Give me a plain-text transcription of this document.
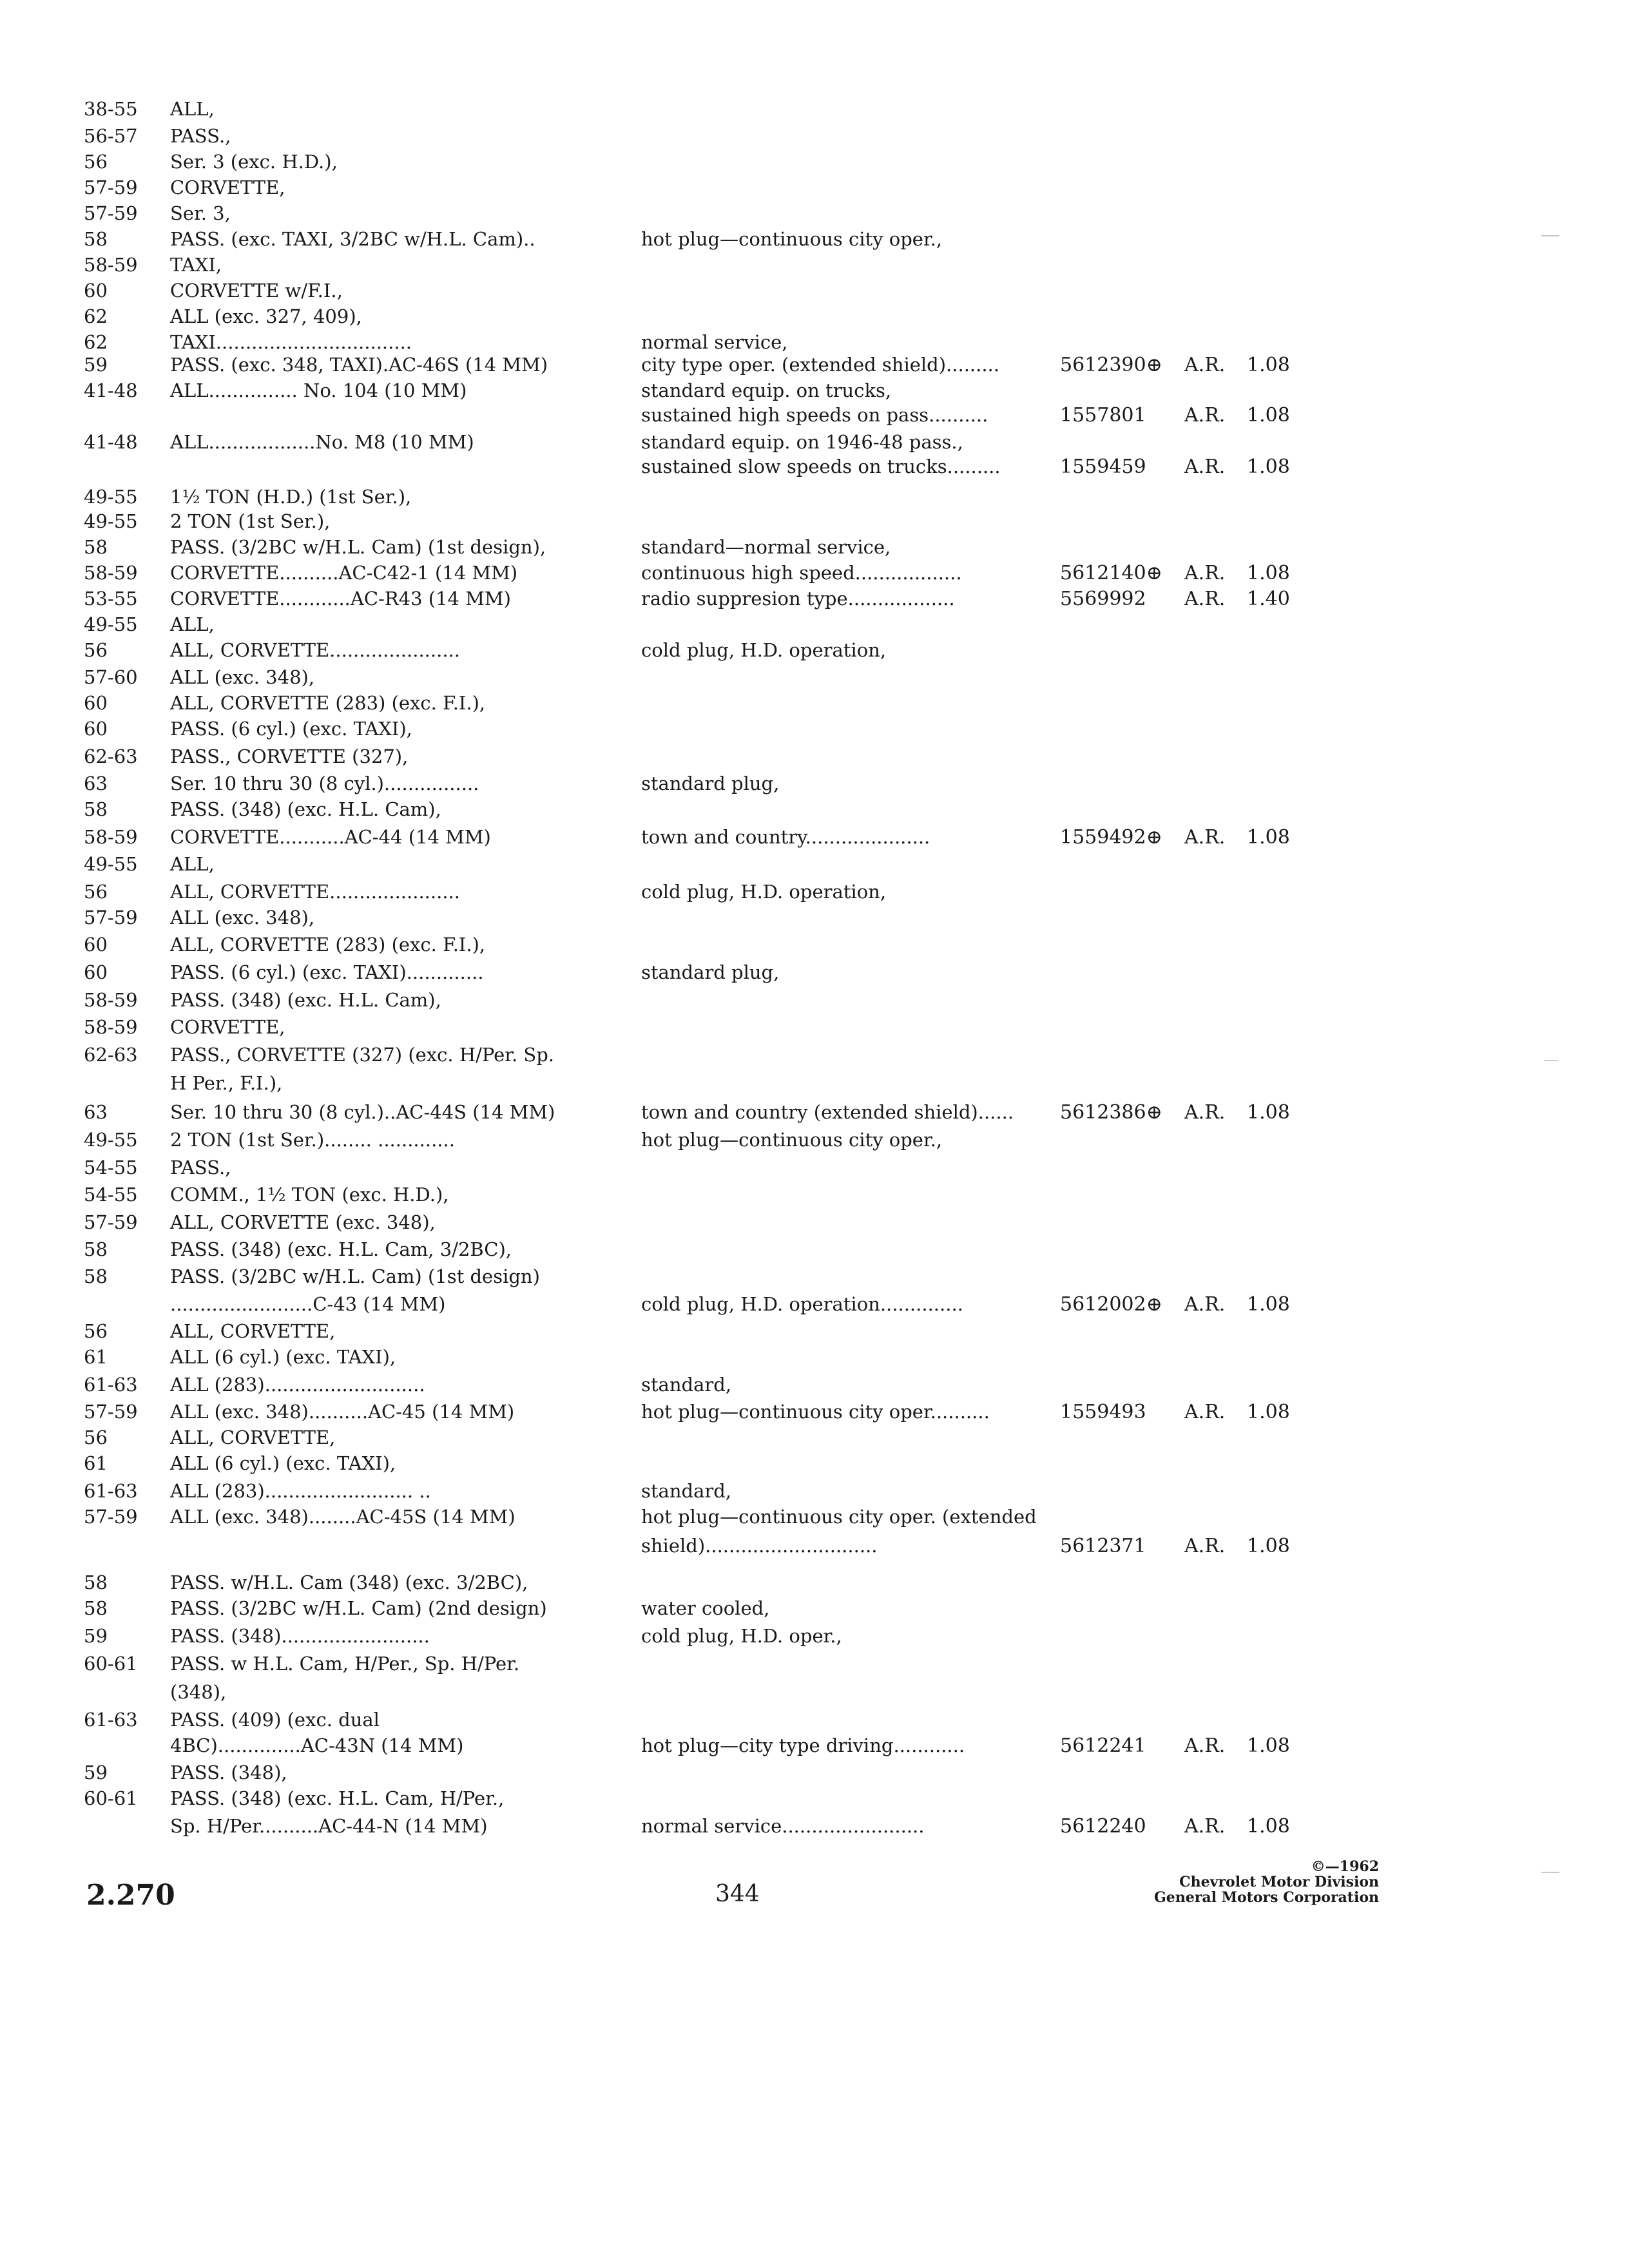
38-55 ALL,
56-57 PASS.,
56	Ser. 3 (exc. H.D.),
57-59 CORVETTE,
57-59 Ser. 3,
58	PASS. (exc. TAXI, 3/2BC w/H.L. Cam)..	hot plug—continuous city oper.,
58-59 TAXI,
60	CORVETTE w/F.I.,
62	ALL (exc. 327, 409),
62	TAXI.................................	normal service,
59	PASS. (exc. 348, TAXI).AC-46S (14 MM)	city type oper. (extended shield).........	5612390⊕ A.R. 1.08
41-48 ALL............... No. 104 (10 MM)	standard equip. on trucks,
sustained high speeds on pass..........	1557801 A.R. 1.08
41-48 ALL..................No. M8 (10 MM)	standard equip. on 1946-48 pass.,
sustained slow speeds on trucks.........	1559459 A.R. 1.08
49-55 1½ TON (H.D.) (1st Ser.),
49-55 2 TON (1st Ser.),
58	PASS. (3/2BC w/H.L. Cam) (1st design),	standard—normal service,
58-59 CORVETTE..........AC-C42-1 (14 MM)	continuous high speed..................	5612140⊕ A.R. 1.08
53-55 CORVETTE............AC-R43 (14 MM)	radio suppresion type..................	5569992 A.R. 1.40
49-55 ALL,
56	ALL, CORVETTE......................	cold plug, H.D. operation,
57-60 ALL (exc. 348),
60	ALL, CORVETTE (283) (exc. F.I.),
60	PASS. (6 cyl.) (exc. TAXI),
62-63 PASS., CORVETTE (327),
63	Ser. 10 thru 30 (8 cyl.)................	standard plug,
58	PASS. (348) (exc. H.L. Cam),
58-59 CORVETTE...........AC-44 (14 MM)	town and country.....................	1559492⊕ A.R. 1.08
49-55 ALL,
56	ALL, CORVETTE......................	cold plug, H.D. operation,
57-59 ALL (exc. 348),
60	ALL, CORVETTE (283) (exc. F.I.),
60	PASS. (6 cyl.) (exc. TAXI).............	standard plug,
58-59 PASS. (348) (exc. H.L. Cam),
58-59 CORVETTE,
62-63 PASS., CORVETTE (327) (exc. H/Per. Sp.
H Per., F.I.),
63	Ser. 10 thru 30 (8 cyl.)..AC-44S (14 MM)	town and country (extended shield)...... 5612386⊕ A.R. 1.08
49-55 2 TON (1st Ser.)........ .............	hot plug—continuous city oper.,
54-55 PASS.,
54-55 COMM., 1½ TON (exc. H.D.),
57-59 ALL, CORVETTE (exc. 348),
58	PASS. (348) (exc. H.L. Cam, 3/2BC),
58	PASS. (3/2BC w/H.L. Cam) (1st design)
........................C-43 (14 MM)	cold plug, H.D. operation..............	5612002⊕ A.R. 1.08
56	ALL, CORVETTE,
61	ALL (6 cyl.) (exc. TAXI),
61-63 ALL (283)...........................	standard,
57-59 ALL (exc. 348)..........AC-45 (14 MM)	hot plug—continuous city oper..........	1559493 A.R. 1.08
56	ALL, CORVETTE,
61	ALL (6 cyl.) (exc. TAXI),
61-63 ALL (283)......................... ..	standard,
57-59 ALL (exc. 348)........AC-45S (14 MM)	hot plug—continuous city oper. (extended
shield).............................	5612371 A.R. 1.08
58	PASS. w/H.L. Cam (348) (exc. 3/2BC),
58	PASS. (3/2BC w/H.L. Cam) (2nd design)	water cooled,
59	PASS. (348).........................	cold plug, H.D. oper.,
60-61 PASS. w H.L. Cam, H/Per., Sp. H/Per.
(348),
61-63 PASS. (409) (exc. dual
4BC)..............AC-43N (14 MM)	hot plug—city type driving............	5612241 A.R. 1.08
59	PASS. (348),
60-61 PASS. (348) (exc. H.L. Cam, H/Per.,
Sp. H/Per..........AC-44-N (14 MM)	normal service........................	5612240 A.R. 1.08
2.270	344
©—1962
Chevrolet Motor Division
General Motors Corporation
